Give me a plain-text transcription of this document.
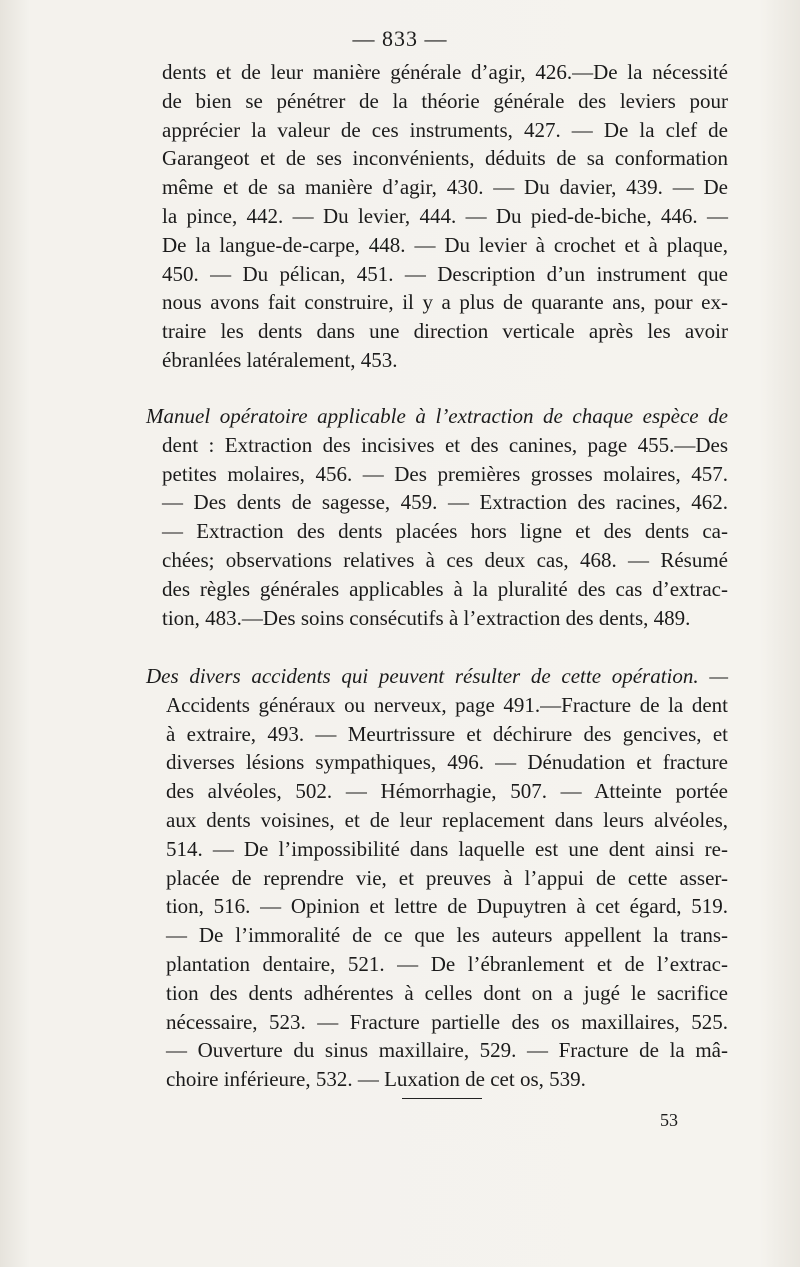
— 833 —
dents et de leur manière générale d’agir, 426.—De la nécessité
de bien se pénétrer de la théorie générale des leviers pour
apprécier la valeur de ces instruments, 427. — De la clef de
Garangeot et de ses inconvénients, déduits de sa conformation
même et de sa manière d’agir, 430. — Du davier, 439. — De
la pince, 442. — Du levier, 444. — Du pied-de-biche, 446. —
De la langue-de-carpe, 448. — Du levier à crochet et à plaque,
450. — Du pélican, 451. — Description d’un instrument que
nous avons fait construire, il y a plus de quarante ans, pour ex-
traire les dents dans une direction verticale après les avoir
ébranlées latéralement, 453.
Manuel opératoire applicable à l’extraction de chaque espèce de
dent : Extraction des incisives et des canines, page 455.—Des
petites molaires, 456. — Des premières grosses molaires, 457.
— Des dents de sagesse, 459. — Extraction des racines, 462.
— Extraction des dents placées hors ligne et des dents ca-
chées; observations relatives à ces deux cas, 468. — Résumé
des règles générales applicables à la pluralité des cas d’extrac-
tion, 483.—Des soins consécutifs à l’extraction des dents, 489.
Des divers accidents qui peuvent résulter de cette opération. —
Accidents généraux ou nerveux, page 491.—Fracture de la dent
à extraire, 493. — Meurtrissure et déchirure des gencives, et
diverses lésions sympathiques, 496. — Dénudation et fracture
des alvéoles, 502. — Hémorrhagie, 507. — Atteinte portée
aux dents voisines, et de leur replacement dans leurs alvéoles,
514. — De l’impossibilité dans laquelle est une dent ainsi re-
placée de reprendre vie, et preuves à l’appui de cette asser-
tion, 516. — Opinion et lettre de Dupuytren à cet égard, 519.
— De l’immoralité de ce que les auteurs appellent la trans-
plantation dentaire, 521. — De l’ébranlement et de l’extrac-
tion des dents adhérentes à celles dont on a jugé le sacrifice
nécessaire, 523. — Fracture partielle des os maxillaires, 525.
— Ouverture du sinus maxillaire, 529. — Fracture de la mâ-
choire inférieure, 532. — Luxation de cet os, 539.
53
